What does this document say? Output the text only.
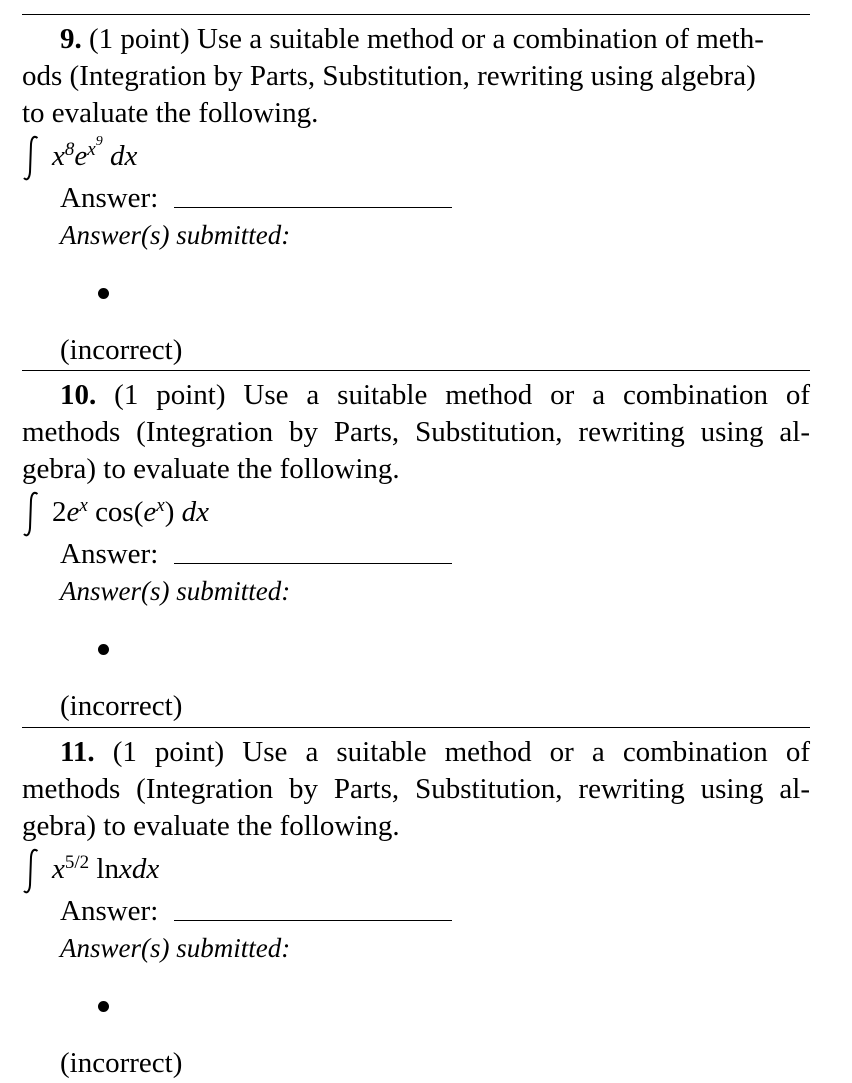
9. (1 point) Use a suitable method or a combination of meth-
ods (Integration by Parts, Substitution, rewriting using algebra)
to evaluate the following.
$x^8e^{x9}$ dx
Answer:
Answer(s) submitted:
(incorrect)
10. (1 point) Use a suitable method or a combination of
methods (Integration by Parts, Substitution, rewriting using al-
gebra) to evaluate the following.
$2e^x$ $\cos(e^x)$ dx
Answer:
Answer(s) submitted:
(incorrect)
11. (1 point) Use a suitable method or a combination of
methods (Integration by Parts, Substitution, rewriting using al-
gebra) to evaluate the following.
$x^{5/2}$ lnxdx
Answer:
Answer(s) submitted:
(incorrect)
